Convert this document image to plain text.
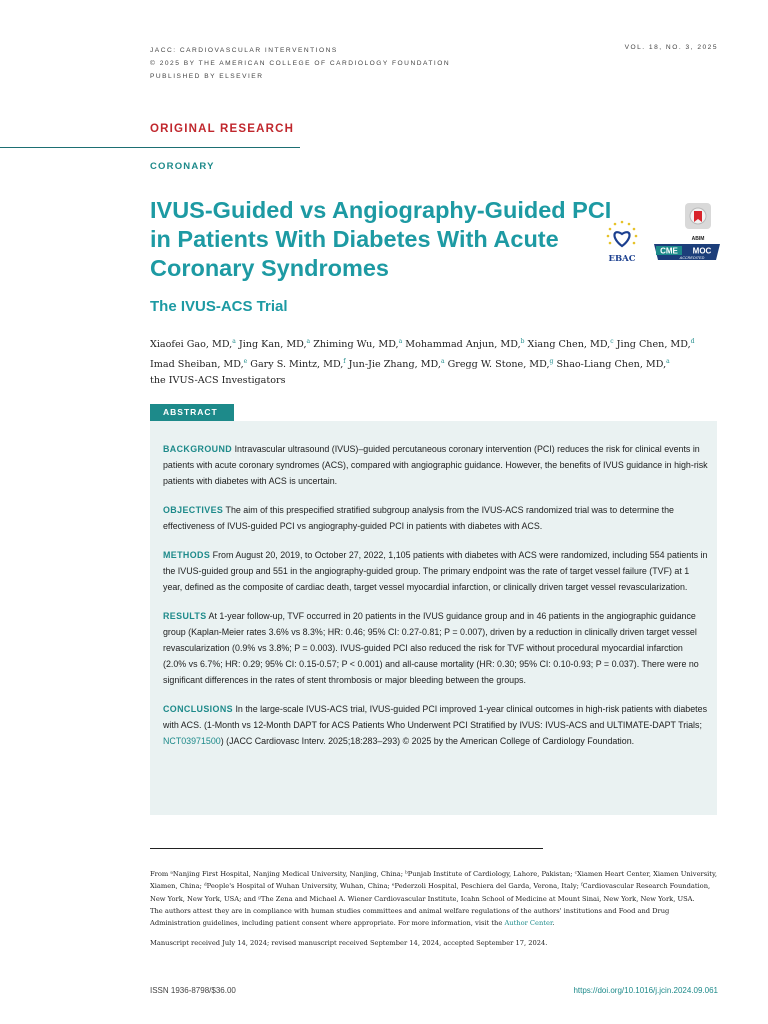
JACC: CARDIOVASCULAR INTERVENTIONS
© 2025 BY THE AMERICAN COLLEGE OF CARDIOLOGY FOUNDATION
PUBLISHED BY ELSEVIER
VOL. 18, NO. 3, 2025
ORIGINAL RESEARCH
CORONARY
IVUS-Guided vs Angiography-Guided PCI in Patients With Diabetes With Acute Coronary Syndromes
The IVUS-ACS Trial
EBAC
ABIM
CME MOC
ACCREDITED
Xiaofei Gao, MD,$^a$ Jing Kan, MD,$^a$ Zhiming Wu, MD,$^a$ Mohammad Anjun, MD,$^b$ Xiang Chen, MD,$^c$ Jing Chen, MD,$^d$ Imad Sheiban, MD,$^e$ Gary S. Mintz, MD,$^f$ Jun-Jie Zhang, MD,$^a$ Gregg W. Stone, MD,$^g$ Shao-Liang Chen, MD,$^a$
the IVUS-ACS Investigators
ABSTRACT

BACKGROUND Intravascular ultrasound (IVUS)–guided percutaneous coronary intervention (PCI) reduces the risk for clinical events in patients with acute coronary syndromes (ACS), compared with angiographic guidance. However, the benefits of IVUS guidance in high-risk patients with diabetes with ACS is uncertain.

OBJECTIVES The aim of this prespecified stratified subgroup analysis from the IVUS-ACS randomized trial was to determine the effectiveness of IVUS-guided PCI vs angiography-guided PCI in patients with diabetes with ACS.

METHODS From August 20, 2019, to October 27, 2022, 1,105 patients with diabetes with ACS were randomized, including 554 patients in the IVUS-guided group and 551 in the angiography-guided group. The primary endpoint was the rate of target vessel failure (TVF) at 1 year, defined as the composite of cardiac death, target vessel myocardial infarction, or clinically driven target vessel revascularization.

RESULTS At 1-year follow-up, TVF occurred in 20 patients in the IVUS guidance group and in 46 patients in the angiographic guidance group (Kaplan-Meier rates 3.6% vs 8.3%; HR: 0.46; 95% CI: 0.27-0.81; P = 0.007), driven by a reduction in clinically driven target vessel revascularization (0.9% vs 3.8%; P = 0.003). IVUS-guided PCI also reduced the risk for TVF without procedural myocardial infarction (2.0% vs 6.7%; HR: 0.29; 95% CI: 0.15-0.57; P < 0.001) and all-cause mortality (HR: 0.30; 95% CI: 0.10-0.93; P = 0.037). There were no significant differences in the rates of stent thrombosis or major bleeding between the groups.

CONCLUSIONS In the large-scale IVUS-ACS trial, IVUS-guided PCI improved 1-year clinical outcomes in high-risk patients with diabetes with ACS. (1-Month vs 12-Month DAPT for ACS Patients Who Underwent PCI Stratified by IVUS: IVUS-ACS and ULTIMATE-DAPT Trials; NCT03971500) (JACC Cardiovasc Interv. 2025;18:283–293) © 2025 by the American College of Cardiology Foundation.

From ᵃNanjing First Hospital, Nanjing Medical University, Nanjing, China; ᵇPunjab Institute of Cardiology, Lahore, Pakistan; ᶜXiamen Heart Center, Xiamen University, Xiamen, China; ᵈPeople's Hospital of Wuhan University, Wuhan, China; ᵉPederzoli Hospital, Peschiera del Garda, Verona, Italy; ᶠCardiovascular Research Foundation, New York, New York, USA; and ᵍThe Zena and Michael A. Wiener Cardiovascular Institute, Icahn School of Medicine at Mount Sinai, New York, New York, USA.

The authors attest they are in compliance with human studies committees and animal welfare regulations of the authors' institutions and Food and Drug Administration guidelines, including patient consent where appropriate. For more information, visit the Author Center.

Manuscript received July 14, 2024; revised manuscript received September 14, 2024, accepted September 17, 2024.

ISSN 1936-8798/$36.00	https://doi.org/10.1016/j.jcin.2024.09.061
